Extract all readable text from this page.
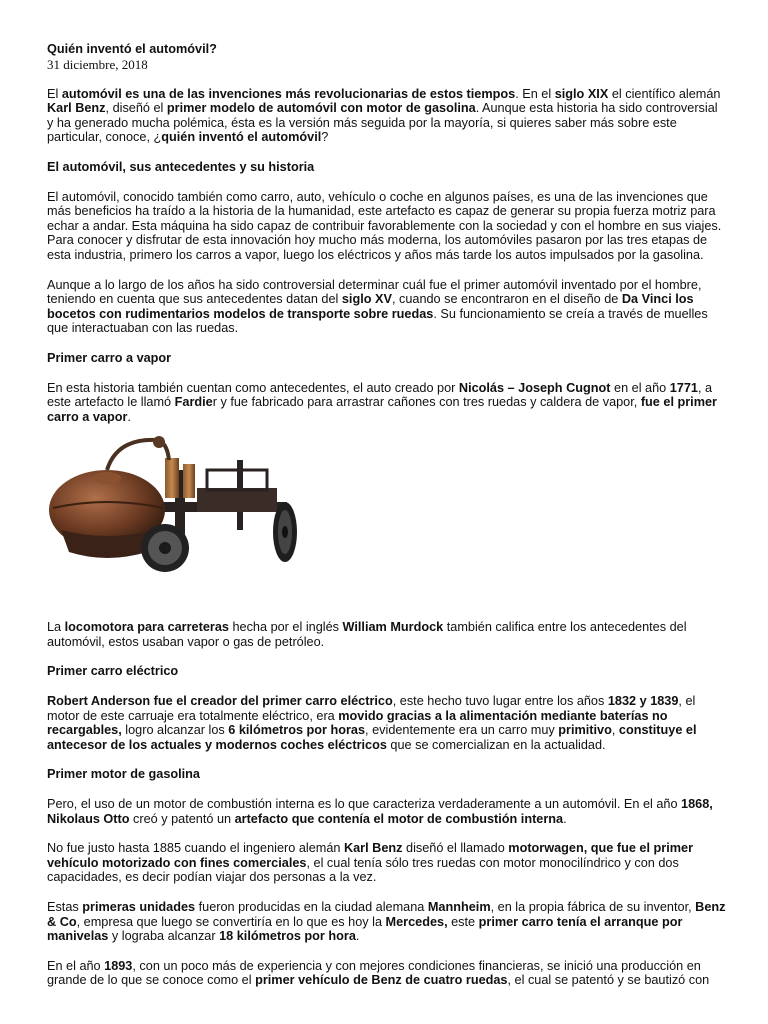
Quién inventó el automóvil?

31 diciembre, 2018

El automóvil es una de las invenciones más revolucionarias de estos tiempos. En el siglo XIX el científico alemán Karl Benz, diseñó el primer modelo de automóvil con motor de gasolina. Aunque esta historia ha sido controversial y ha generado mucha polémica, ésta es la versión más seguida por la mayoría, si quieres saber más sobre este particular, conoce, ¿quién inventó el automóvil?

El automóvil, sus antecedentes y su historia

El automóvil, conocido también como carro, auto, vehículo o coche en algunos países, es una de las invenciones que más beneficios ha traído a la historia de la humanidad, este artefacto es capaz de generar su propia fuerza motriz para echar a andar. Esta máquina ha sido capaz de contribuir favorablemente con la sociedad y con el hombre en sus viajes. Para conocer y disfrutar de esta innovación hoy mucho más moderna, los automóviles pasaron por las tres etapas de esta industria, primero los carros a vapor, luego los eléctricos y años más tarde los autos impulsados por la gasolina.

Aunque a lo largo de los años ha sido controversial determinar cuál fue el primer automóvil inventado por el hombre, teniendo en cuenta que sus antecedentes datan del siglo XV, cuando se encontraron en el diseño de Da Vinci los bocetos con rudimentarios modelos de transporte sobre ruedas. Su funcionamiento se creía a través de muelles que interactuaban con las ruedas.

Primer carro a vapor

En esta historia también cuentan como antecedentes, el auto creado por Nicolás – Joseph Cugnot en el año 1771, a este artefacto le llamó Fardier y fue fabricado para arrastrar cañones con tres ruedas y caldera de vapor, fue el primer carro a vapor.

La locomotora para carreteras hecha por el inglés William Murdock también califica entre los antecedentes del automóvil, estos usaban vapor o gas de petróleo.

Primer carro eléctrico

Robert Anderson fue el creador del primer carro eléctrico, este hecho tuvo lugar entre los años 1832 y 1839, el motor de este carruaje era totalmente eléctrico, era movido gracias a la alimentación mediante baterías no recargables, logro alcanzar los 6 kilómetros por horas, evidentemente era un carro muy primitivo, constituye el antecesor de los actuales y modernos coches eléctricos que se comercializan en la actualidad.

Primer motor de gasolina

Pero, el uso de un motor de combustión interna es lo que caracteriza verdaderamente a un automóvil. En el año 1868, Nikolaus Otto creó y patentó un artefacto que contenía el motor de combustión interna.

No fue justo hasta 1885 cuando el ingeniero alemán Karl Benz diseñó el llamado motorwagen, que fue el primer vehículo motorizado con fines comerciales, el cual tenía sólo tres ruedas con motor monocilíndrico y con dos capacidades, es decir podían viajar dos personas a la vez.

Estas primeras unidades fueron producidas en la ciudad alemana Mannheim, en la propia fábrica de su inventor, Benz & Co, empresa que luego se convertiría en lo que es hoy la Mercedes, este primer carro tenía el arranque por manivelas y lograba alcanzar 18 kilómetros por hora.

En el año 1893, con un poco más de experiencia y con mejores condiciones financieras, se inició una producción en grande de lo que se conoce como el primer vehículo de Benz de cuatro ruedas, el cual se patentó y se bautizó con
